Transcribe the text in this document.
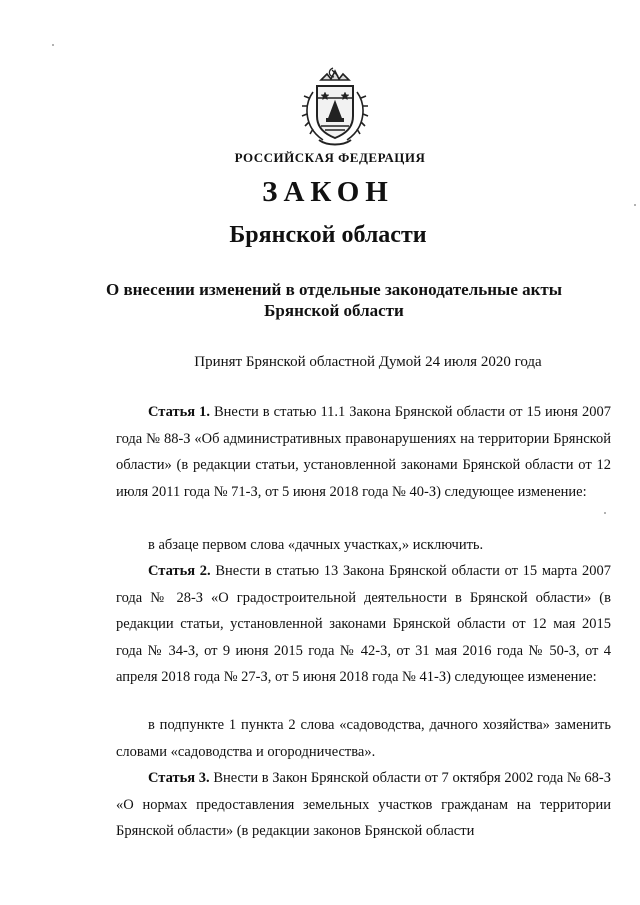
РОССИЙСКАЯ ФЕДЕРАЦИЯ

ЗАКОН

Брянской области

О внесении изменений в отдельные законодательные акты
Брянской области

Принят Брянской областной Думой 24 июля 2020 года

Статья 1. Внести в статью 11.1 Закона Брянской области от 15 июня 2007 года № 88-З «Об административных правонарушениях на территории Брянской области» (в редакции статьи, установленной законами Брянской области от 12 июля 2011 года № 71-З, от 5 июня 2018 года № 40-З) следующее изменение:

в абзаце первом слова «дачных участках,» исключить.

Статья 2. Внести в статью 13 Закона Брянской области от 15 марта 2007 года № 28-З «О градостроительной деятельности в Брянской области» (в редакции статьи, установленной законами Брянской области от 12 мая 2015 года № 34-З, от 9 июня 2015 года № 42-З, от 31 мая 2016 года № 50-З, от 4 апреля 2018 года № 27-З, от 5 июня 2018 года № 41-З) следующее изменение:

в подпункте 1 пункта 2 слова «садоводства, дачного хозяйства» заменить словами «садоводства и огородничества».

Статья 3. Внести в Закон Брянской области от 7 октября 2002 года № 68-З «О нормах предоставления земельных участков гражданам на территории Брянской области» (в редакции законов Брянской области
